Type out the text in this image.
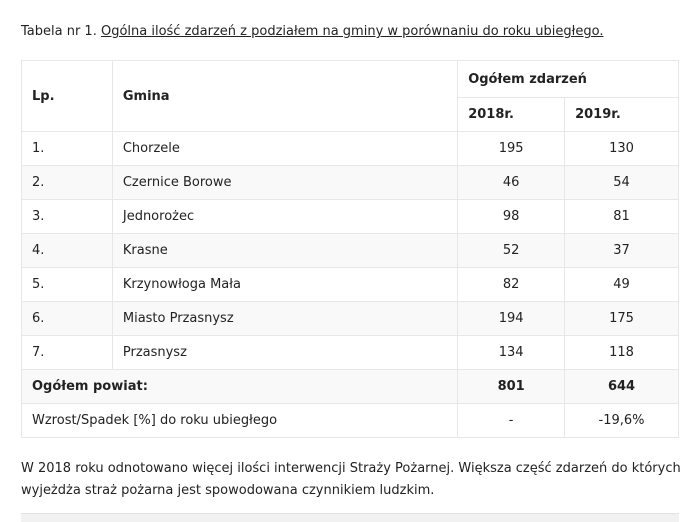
Tabela nr 1. Ogólna ilość zdarzeń z podziałem na gminy w porównaniu do roku ubiegłego.
Lp.	Gmina	Ogółem zdarzeń	
		2018r.	2019r.
1.	Chorzele	195	130
2.	Czernice Borowe	46	54
3.	Jednorożec	98	81
4.	Krasne	52	37
5.	Krzynowłoga Mała	82	49
6.	Miasto Przasnysz	194	175
7.	Przasnysz	134	118
Ogółem powiat:		801	644
Wzrost/Spadek [%] do roku ubiegłego		-	-19,6%
W 2018 roku odnotowano więcej ilości interwencji Straży Pożarnej. Większa część zdarzeń do których wyjeżdża straż pożarna jest spowodowana czynnikiem ludzkim.
